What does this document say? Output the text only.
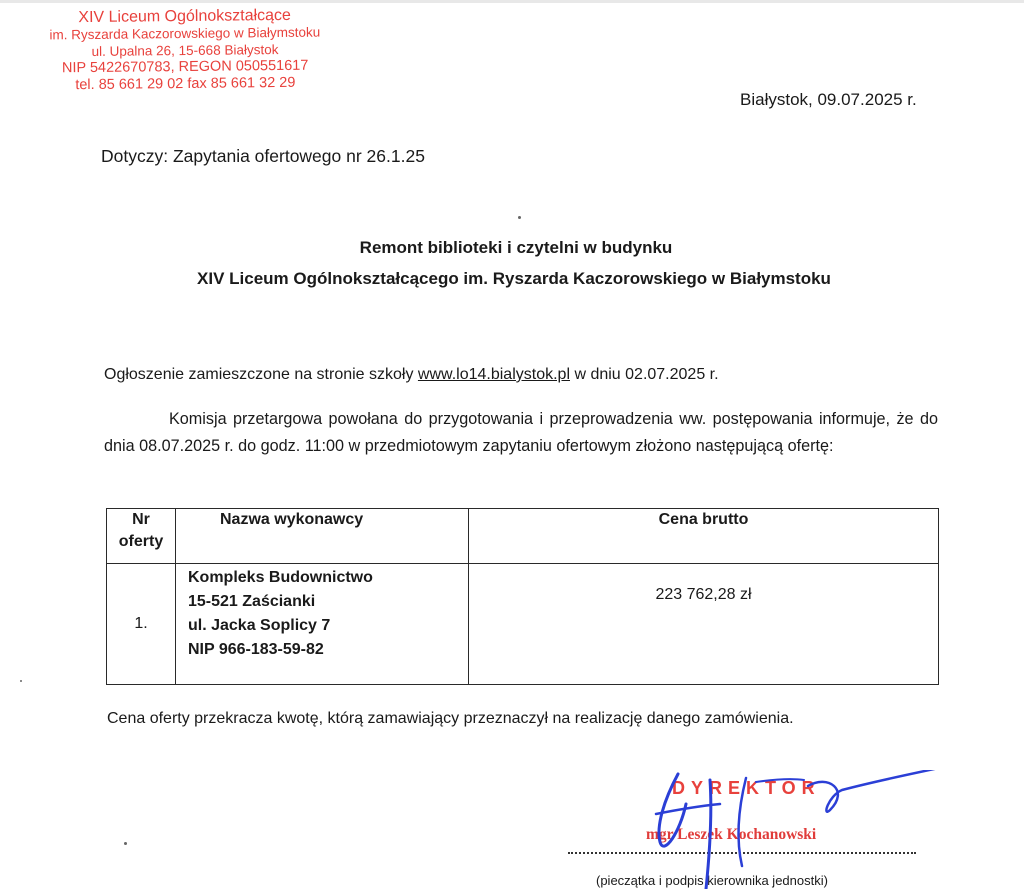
XIV Liceum Ogólnokształcące
im. Ryszarda Kaczorowskiego w Białymstoku
ul. Upalna 26, 15-668 Białystok
NIP 5422670783, REGON 050551617
tel. 85 661 29 02 fax 85 661 32 29
Białystok, 09.07.2025 r.
Dotyczy: Zapytania ofertowego nr 26.1.25
Remont biblioteki i czytelni w budynku
XIV Liceum Ogólnokształcącego im. Ryszarda Kaczorowskiego w Białymstoku
Ogłoszenie zamieszczone na stronie szkoły www.lo14.bialystok.pl w dniu 02.07.2025 r.
Komisja przetargowa powołana do przygotowania i przeprowadzenia ww. postępowania informuje, że do dnia 08.07.2025 r. do godz. 11:00 w przedmiotowym zapytaniu ofertowym złożono następującą ofertę:
Nr
oferty	Nazwa wykonawcy	Cena brutto
1.	Kompleks Budownictwo
15-521 Zaścianki
ul. Jacka Soplicy 7
NIP 966-183-59-82	223 762,28 zł
Cena oferty przekracza kwotę, którą zamawiający przeznaczył na realizację danego zamówienia.
DYREKTOR
mgr Leszek Kochanowski
(pieczątka i podpis kierownika jednostki)
